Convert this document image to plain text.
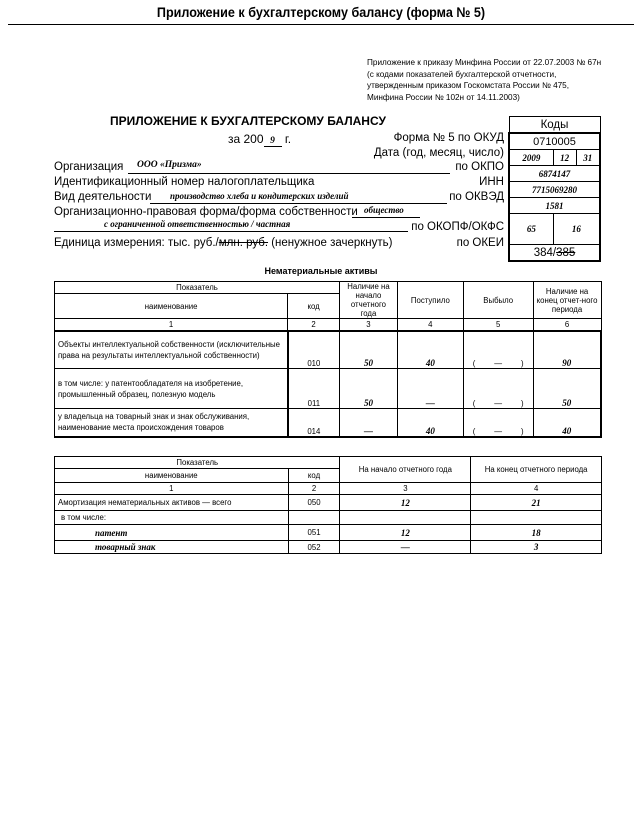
Приложение к бухгалтерскому балансу (форма № 5)
Приложение к приказу Минфина России от 22.07.2003 № 67н
(с кодами показателей бухгалтерской отчетности,
утвержденным приказом Госкомстата России № 475,
Минфина России № 102н от 14.11.2003)
ПРИЛОЖЕНИЕ К БУХГАЛТЕРСКОМУ БАЛАНСУ
за 200 9 г.
Коды		
0710005		
2009	12	31
6874147		
7715069280		
1581		
65	16	
384/385		
Форма № 5 по ОКУД
Дата (год, месяц, число)
Организация ООО «Призма»	по ОКПО
Идентификационный номер налогоплательщика	ИНН
Вид деятельности производство хлеба и кондитерских изделий	по ОКВЭД
Организационно-правовая форма/форма собственности общество
с ограниченной ответственностью / частная	по ОКОПФ/ОКФС
Единица измерения: тыс. руб./млн. руб. (ненужное зачеркнуть)	по ОКЕИ
Нематериальные активы
Показатель		Наличие на начало отчетного года	Поступило	Выбыло	Наличие на конец отчет-ного периода
наименование	код				
1	2	3	4	5	6
Объекты интеллектуальной собственности (исключительные права на результаты интеллектуальной собственности)	010	50	40	( — )	90
в том числе: у патентообладателя на изобретение, промышленный образец, полезную модель	011	50	—	( — )	50
у владельца на товарный знак и знак обслуживания, наименование места происхождения товаров	014	—	40	( — )	40
Показатель		На начало отчетного года	На конец отчетного периода
наименование	код		
1	2	3	4
Амортизация нематериальных активов — всего	050	12	21
в том числе:			
патент	051	12	18
товарный знак	052	—	3
